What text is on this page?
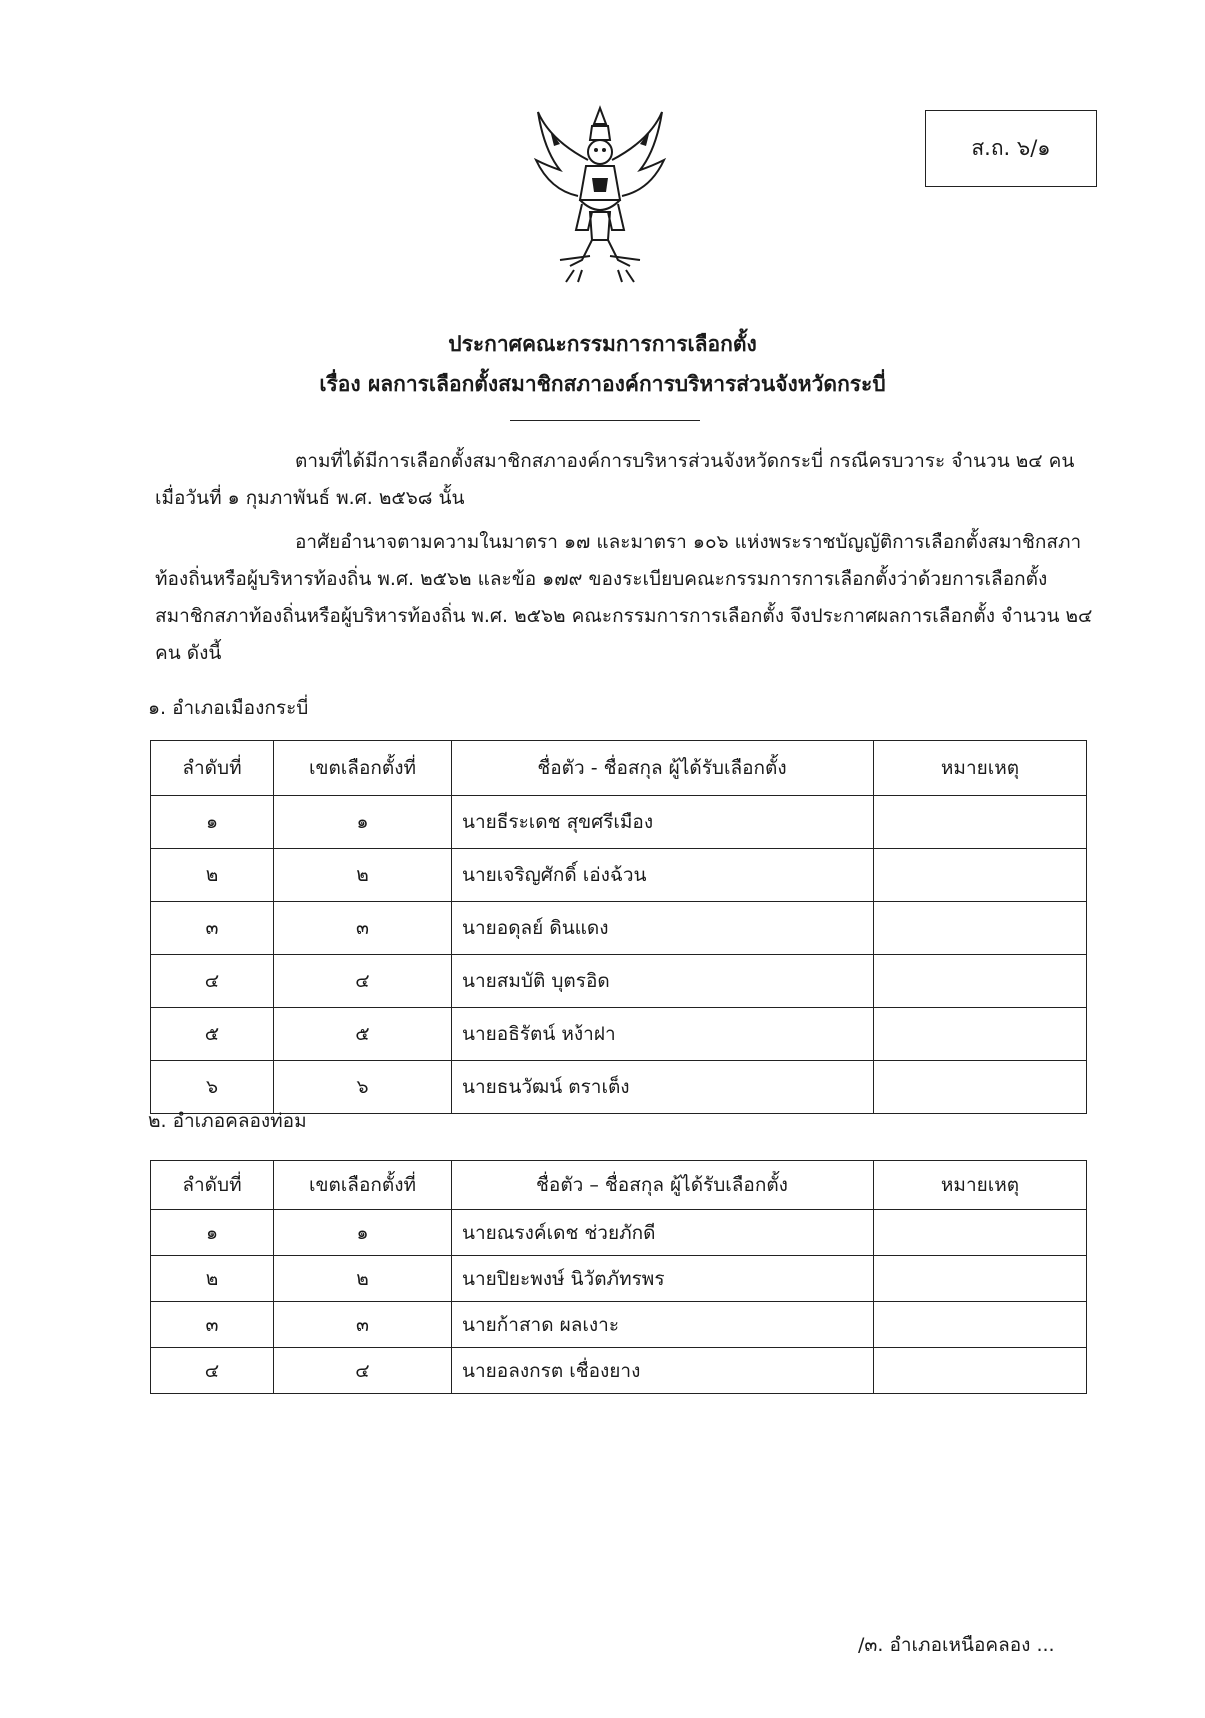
ส.ถ. ๖/๑
ประกาศคณะกรรมการการเลือกตั้ง
เรื่อง ผลการเลือกตั้งสมาชิกสภาองค์การบริหารส่วนจังหวัดกระบี่
ตามที่ได้มีการเลือกตั้งสมาชิกสภาองค์การบริหารส่วนจังหวัดกระบี่ กรณีครบวาระ จำนวน ๒๔ คน เมื่อวันที่ ๑ กุมภาพันธ์ พ.ศ. ๒๕๖๘ นั้น
อาศัยอำนาจตามความในมาตรา ๑๗ และมาตรา ๑๐๖ แห่งพระราชบัญญัติการเลือกตั้งสมาชิกสภาท้องถิ่นหรือผู้บริหารท้องถิ่น พ.ศ. ๒๕๖๒ และข้อ ๑๗๙ ของระเบียบคณะกรรมการการเลือกตั้งว่าด้วยการเลือกตั้งสมาชิกสภาท้องถิ่นหรือผู้บริหารท้องถิ่น พ.ศ. ๒๕๖๒ คณะกรรมการการเลือกตั้ง จึงประกาศผลการเลือกตั้ง จำนวน ๒๔ คน ดังนี้
๑. อำเภอเมืองกระบี่
ลำดับที่	เขตเลือกตั้งที่	ชื่อตัว - ชื่อสกุล ผู้ได้รับเลือกตั้ง	หมายเหตุ
๑	๑	นายธีระเดช สุขศรีเมือง	
๒	๒	นายเจริญศักดิ์ เอ่งฉ้วน	
๓	๓	นายอดุลย์ ดินแดง	
๔	๔	นายสมบัติ บุตรอิด	
๕	๕	นายอธิรัตน์ หง้าฝา	
๖	๖	นายธนวัฒน์ ตราเต็ง	
๒. อำเภอคลองท่อม
ลำดับที่	เขตเลือกตั้งที่	ชื่อตัว – ชื่อสกุล ผู้ได้รับเลือกตั้ง	หมายเหตุ
๑	๑	นายณรงค์เดช ช่วยภักดี	
๒	๒	นายปิยะพงษ์ นิวัตภัทรพร	
๓	๓	นายก้าสาด ผลเงาะ	
๔	๔	นายอลงกรต เชื่องยาง	
/๓. อำเภอเหนือคลอง ...
